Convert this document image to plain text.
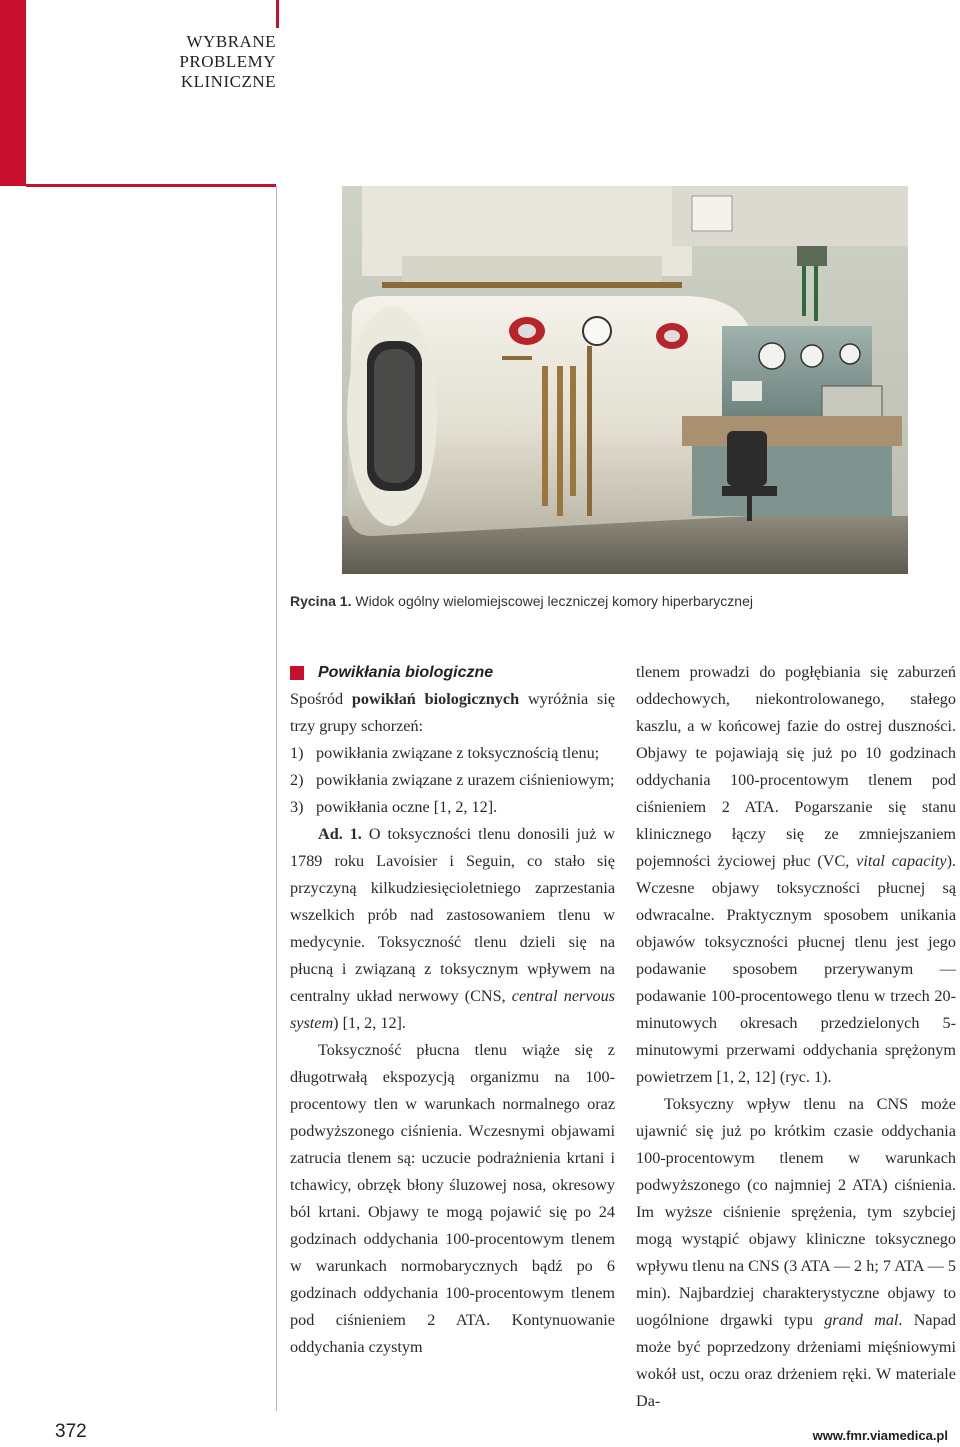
WYBRANE
PROBLEMY
KLINICZNE
Rycina 1. Widok ogólny wielomiejscowej leczniczej komory hiperbarycznej

Powikłania biologiczne

Spośród powikłań biologicznych wyróżnia się trzy grupy schorzeń:

1) powikłania związane z toksycznością tlenu;
2) powikłania związane z urazem ciśnieniowym;
3) powikłania oczne [1, 2, 12].

Ad. 1. O toksyczności tlenu donosili już w 1789 roku Lavoisier i Seguin, co stało się przyczyną kilkudziesięcioletniego zaprzestania wszelkich prób nad zastosowaniem tlenu w medycynie. Toksyczność tlenu dzieli się na płucną i związaną z toksycznym wpływem na centralny układ nerwowy (CNS, central nervous system) [1, 2, 12].

Toksyczność płucna tlenu wiąże się z długotrwałą ekspozycją organizmu na 100-procentowy tlen w warunkach normalnego oraz podwyższonego ciśnienia. Wczesnymi objawami zatrucia tlenem są: uczucie podrażnienia krtani i tchawicy, obrzęk błony śluzowej nosa, okresowy ból krtani. Objawy te mogą pojawić się po 24 godzinach oddychania 100-procentowym tlenem w warunkach normobarycznych bądź po 6 godzinach oddychania 100-procentowym tlenem pod ciśnieniem 2 ATA. Kontynuowanie oddychania czystym

tlenem prowadzi do pogłębiania się zaburzeń oddechowych, niekontrolowanego, stałego kaszlu, a w końcowej fazie do ostrej duszności. Objawy te pojawiają się już po 10 godzinach oddychania 100-procentowym tlenem pod ciśnieniem 2 ATA. Pogarszanie się stanu klinicznego łączy się ze zmniejszaniem pojemności życiowej płuc (VC, vital capacity). Wczesne objawy toksyczności płucnej są odwracalne. Praktycznym sposobem unikania objawów toksyczności płucnej tlenu jest jego podawanie sposobem przerywanym — podawanie 100-procentowego tlenu w trzech 20-minutowych okresach przedzielonych 5-minutowymi przerwami oddychania sprężonym powietrzem [1, 2, 12] (ryc. 1).

Toksyczny wpływ tlenu na CNS może ujawnić się już po krótkim czasie oddychania 100-procentowym tlenem w warunkach podwyższonego (co najmniej 2 ATA) ciśnienia. Im wyższe ciśnienie sprężenia, tym szybciej mogą wystąpić objawy kliniczne toksycznego wpływu tlenu na CNS (3 ATA — 2 h; 7 ATA — 5 min). Najbardziej charakterystyczne objawy to uogólnione drgawki typu grand mal. Napad może być poprzedzony drżeniami mięśniowymi wokół ust, oczu oraz drżeniem ręki. W materiale Da-

372	www.fmr.viamedica.pl
